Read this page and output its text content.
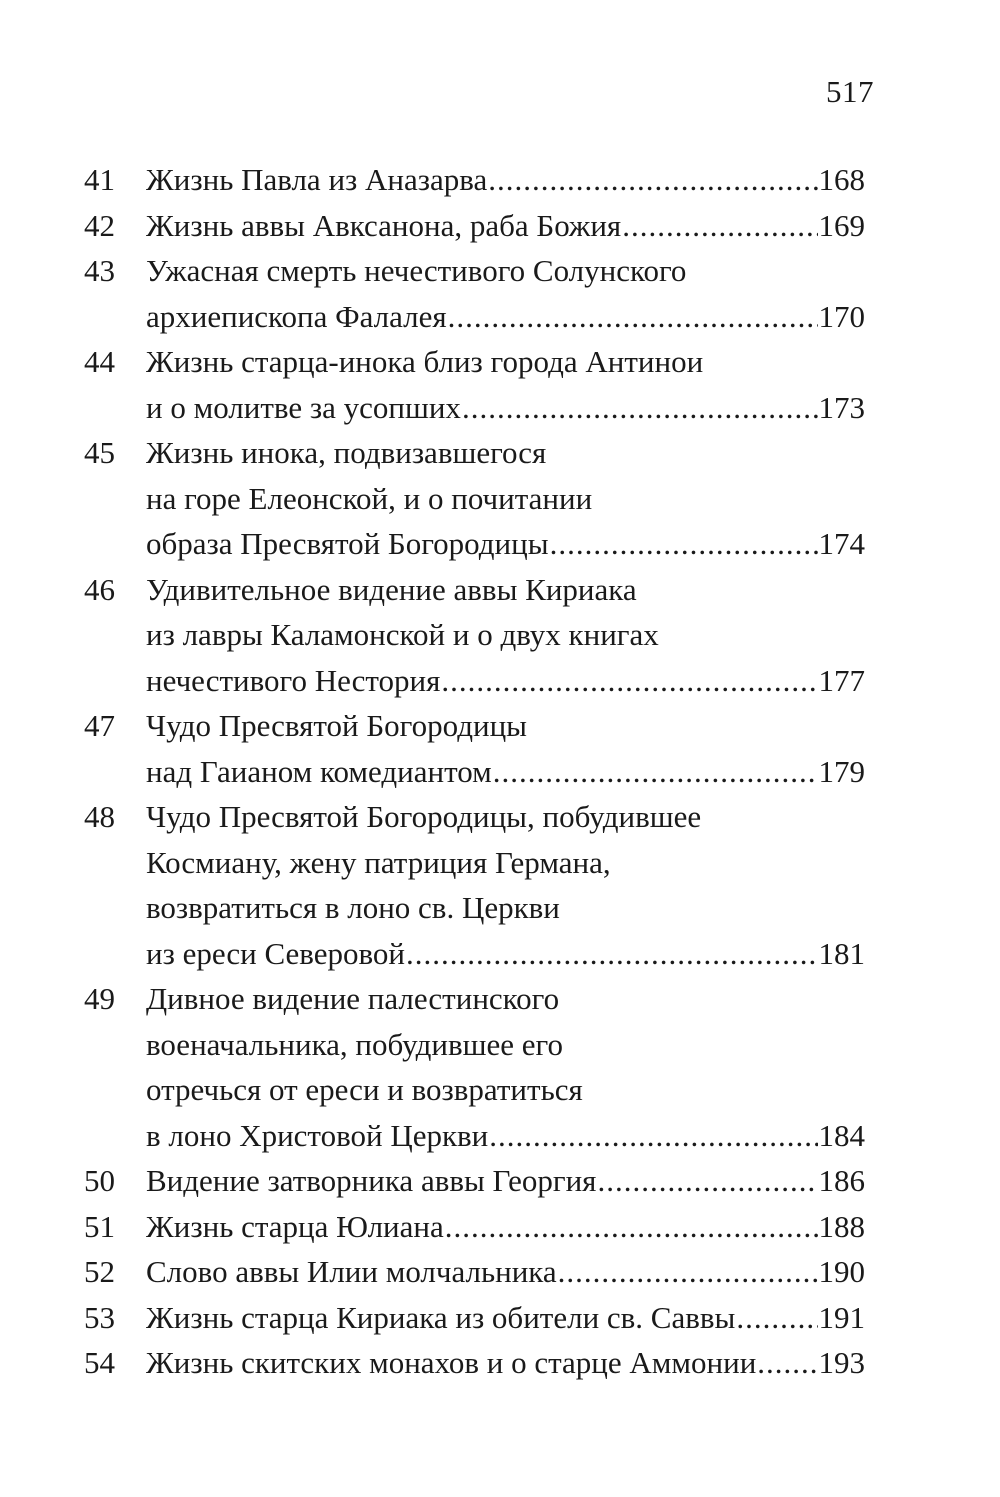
517
41	Жизнь Павла из Аназарва .....	168
42	Жизнь аввы Авксанона, раба Божия .....	169
43	Ужасная смерть нечестивого Солунского
архиепископа Фалалея .....	170
44	Жизнь старца-инока близ города Антинои
и о молитве за усопших .....	173
45	Жизнь инока, подвизавшегося
на горе Елеонской, и о почитании
образа Пресвятой Богородицы .....	174
46	Удивительное видение аввы Кириака
из лавры Каламонской и о двух книгах
нечестивого Нестория .....	177
47	Чудо Пресвятой Богородицы
над Гаианом комедиантом .....	179
48	Чудо Пресвятой Богородицы, побудившее
Космиану, жену патриция Германа,
возвратиться в лоно св. Церкви
из ереси Северовой .....	181
49	Дивное видение палестинского
военачальника, побудившее его
отречься от ереси и возвратиться
в лоно Христовой Церкви .....	184
50	Видение затворника аввы Георгия .....	186
51	Жизнь старца Юлиана .....	188
52	Слово аввы Илии молчальника .....	190
53	Жизнь старца Кириака из обители св. Саввы .....	191
54	Жизнь скитских монахов и о старце Аммонии ..... 193
